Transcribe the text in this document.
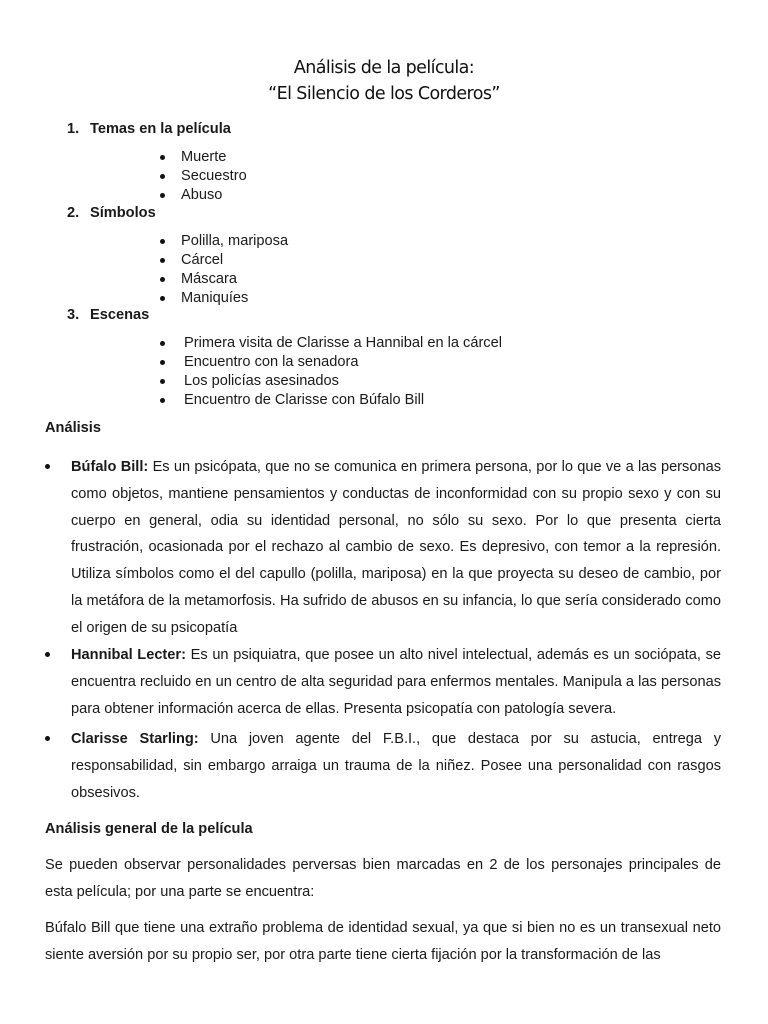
Análisis de la película:
“El Silencio de los Corderos”
1. Temas en la película
Muerte
Secuestro
Abuso
2. Símbolos
Polilla, mariposa
Cárcel
Máscara
Maniquíes
3. Escenas
Primera visita de Clarisse a Hannibal en la cárcel
Encuentro con la senadora
Los policías asesinados
Encuentro de Clarisse con Búfalo Bill
Análisis
Búfalo Bill: Es un psicópata, que no se comunica en primera persona, por lo que ve a las personas como objetos, mantiene pensamientos y conductas de inconformidad con su propio sexo y con su cuerpo en general, odia su identidad personal, no sólo su sexo. Por lo que presenta cierta frustración, ocasionada por el rechazo al cambio de sexo. Es depresivo, con temor a la represión. Utiliza símbolos como el del capullo (polilla, mariposa) en la que proyecta su deseo de cambio, por la metáfora de la metamorfosis. Ha sufrido de abusos en su infancia, lo que sería considerado como el origen de su psicopatía
Hannibal Lecter: Es un psiquiatra, que posee un alto nivel intelectual, además es un sociópata, se encuentra recluido en un centro de alta seguridad para enfermos mentales. Manipula a las personas para obtener información acerca de ellas. Presenta psicopatía con patología severa.
Clarisse Starling: Una joven agente del F.B.I., que destaca por su astucia, entrega y responsabilidad, sin embargo arraiga un trauma de la niñez. Posee una personalidad con rasgos obsesivos.
Análisis general de la película
Se pueden observar personalidades perversas bien marcadas en 2 de los personajes principales de esta película; por una parte se encuentra:
Búfalo Bill que tiene una extraño problema de identidad sexual, ya que si bien no es un transexual neto siente aversión por su propio ser, por otra parte tiene cierta fijación por la transformación de las
